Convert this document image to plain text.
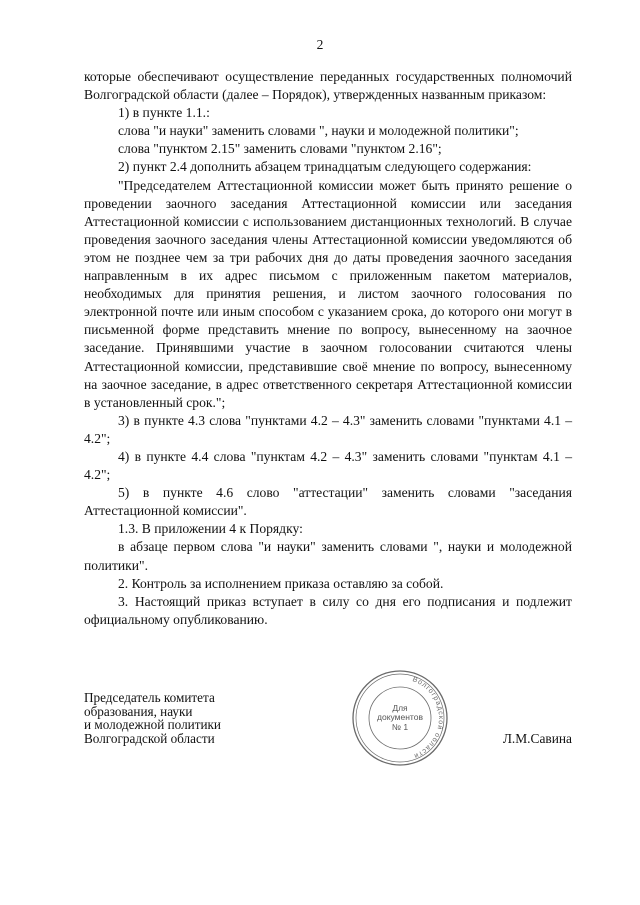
2

которые обеспечивают осуществление переданных государственных полномочий Волгоградской области (далее – Порядок), утвержденных названным приказом:

1) в пункте 1.1.:

слова "и науки" заменить словами ", науки и молодежной политики";

слова "пунктом 2.15" заменить словами "пунктом 2.16";

2) пункт 2.4 дополнить абзацем тринадцатым следующего содержания:

"Председателем Аттестационной комиссии может быть принято решение о проведении заочного заседания Аттестационной комиссии или заседания Аттестационной комиссии с использованием дистанционных технологий. В случае проведения заочного заседания члены Аттестационной комиссии уведомляются об этом не позднее чем за три рабочих дня до даты проведения заочного заседания направленным в их адрес письмом с приложенным пакетом материалов, необходимых для принятия решения, и листом заочного голосования по электронной почте или иным способом с указанием срока, до которого они могут в письменной форме представить мнение по вопросу, вынесенному на заочное заседание. Принявшими участие в заочном голосовании считаются члены Аттестационной комиссии, представившие своё мнение по вопросу, вынесенному на заочное заседание, в адрес ответственного секретаря Аттестационной комиссии в установленный срок.";

3) в пункте 4.3 слова "пунктами 4.2 – 4.3" заменить словами "пунктами 4.1 – 4.2";

4) в пункте 4.4 слова "пунктам 4.2 – 4.3" заменить словами "пунктам 4.1 – 4.2";

5) в пункте 4.6 слово "аттестации" заменить словами "заседания Аттестационной комиссии".

1.3. В приложении 4 к Порядку:

в абзаце первом слова "и науки" заменить словами ", науки и молодежной политики".

2. Контроль за исполнением приказа оставляю за собой.

3. Настоящий приказ вступает в силу со дня его подписания и подлежит официальному опубликованию.

Председатель комитета
образования, науки
и молодежной политики
Волгоградской области
Волгоградской области
Для
документов
№ 1
Л.М.Савина
